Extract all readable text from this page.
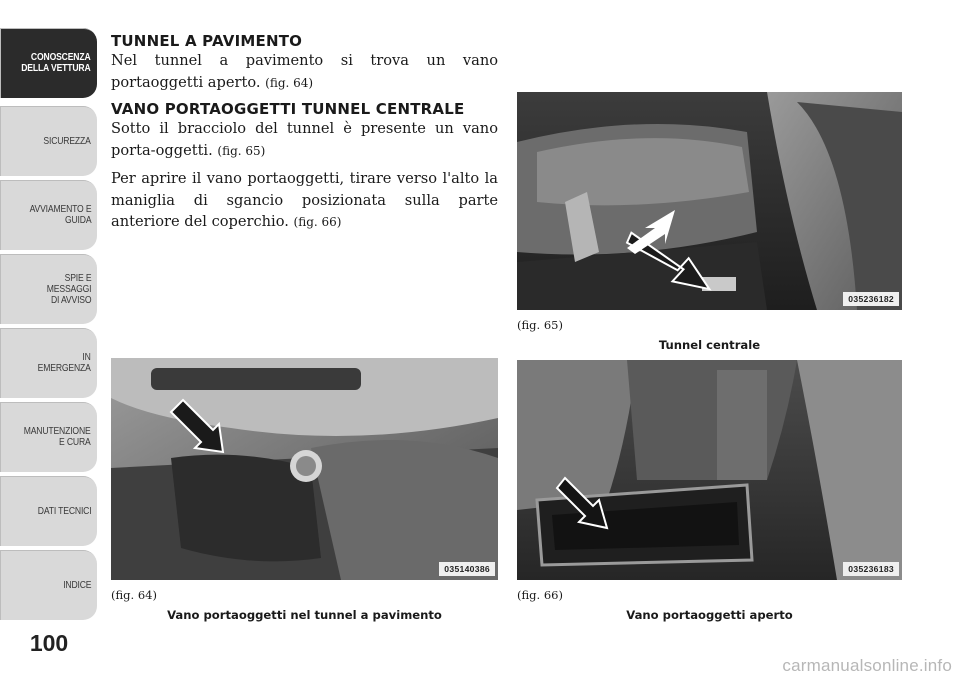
CONOSCENZA
DELLA VETTURA
SICUREZZA
AVVIAMENTO E
GUIDA
SPIE E
MESSAGGI
DI AVVISO
IN
EMERGENZA
MANUTENZIONE
E CURA
DATI TECNICI
INDICE
100
TUNNEL A PAVIMENTO

Nel tunnel a pavimento si trova un vano portaoggetti aperto. (fig. 64)

VANO PORTAOGGETTI TUNNEL CENTRALE

Sotto il bracciolo del tunnel è presente un vano porta-oggetti. (fig. 65)

Per aprire il vano portaoggetti, tirare verso l'alto la maniglia di sgancio posizionata sulla parte anteriore del coperchio. (fig. 66)

035236182
(fig. 65)
Tunnel centrale
035140386
(fig. 64)
Vano portaoggetti nel tunnel a pavimento
035236183
(fig. 66)
Vano portaoggetti aperto
carmanualsonline.info
